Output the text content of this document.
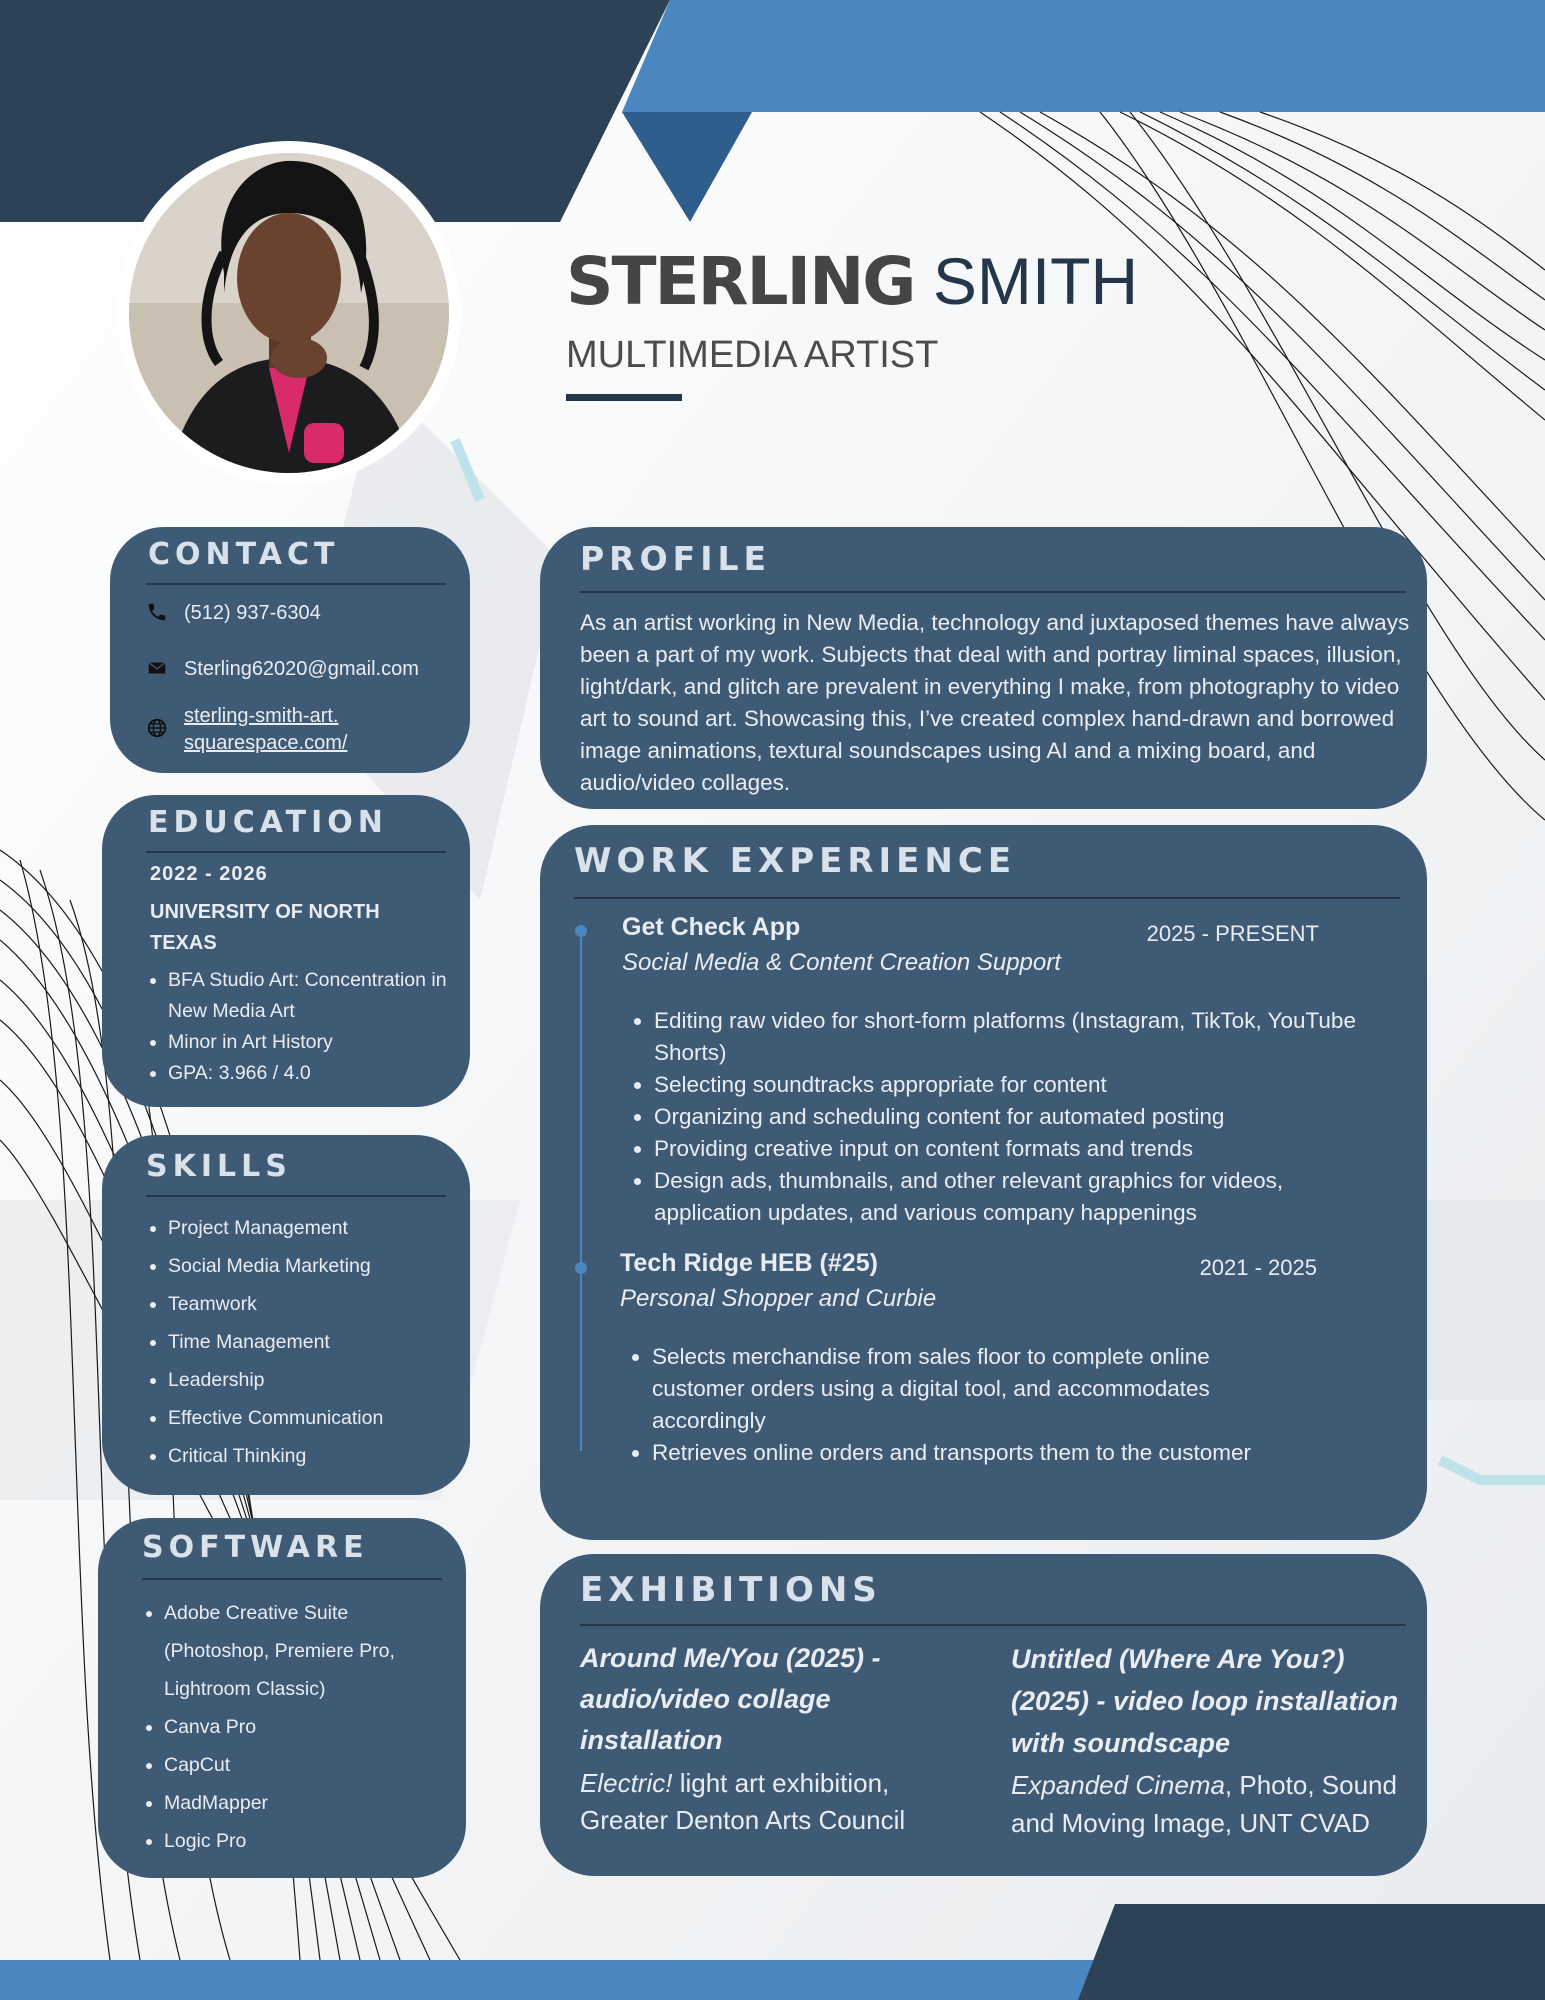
STERLING SMITH
MULTIMEDIA ARTIST
CONTACT
(512) 937-6304
Sterling62020@gmail.com
sterling-smith-art.
squarespace.com/
EDUCATION
2022 - 2026
UNIVERSITY OF NORTH TEXAS
• BFA Studio Art: Concentration in New Media Art
• Minor in Art History
• GPA: 3.966 / 4.0
SKILLS
• Project Management
• Social Media Marketing
• Teamwork
• Time Management
• Leadership
• Effective Communication
• Critical Thinking
SOFTWARE
• Adobe Creative Suite (Photoshop, Premiere Pro, Lightroom Classic)
• Canva Pro
• CapCut
• MadMapper
• Logic Pro
PROFILE

As an artist working in New Media, technology and juxtaposed themes have always been a part of my work. Subjects that deal with and portray liminal spaces, illusion, light/dark, and glitch are prevalent in everything I make, from photography to video art to sound art. Showcasing this, I’ve created complex hand-drawn and borrowed image animations, textural soundscapes using AI and a mixing board, and audio/video collages.

WORK EXPERIENCE
Get Check App	2025 - PRESENT
Social Media & Content Creation Support
• Editing raw video for short-form platforms (Instagram, TikTok, YouTube Shorts)
• Selecting soundtracks appropriate for content
• Organizing and scheduling content for automated posting
• Providing creative input on content formats and trends
• Design ads, thumbnails, and other relevant graphics for videos, application updates, and various company happenings
Tech Ridge HEB (#25)	2021 - 2025
Personal Shopper and Curbie
• Selects merchandise from sales floor to complete online customer orders using a digital tool, and accommodates accordingly
• Retrieves online orders and transports them to the customer
EXHIBITIONS
Around Me/You (2025) - audio/video collage installation
Electric! light art exhibition, Greater Denton Arts Council
Untitled (Where Are You?) (2025) - video loop installation with soundscape
Expanded Cinema, Photo, Sound and Moving Image, UNT CVAD
